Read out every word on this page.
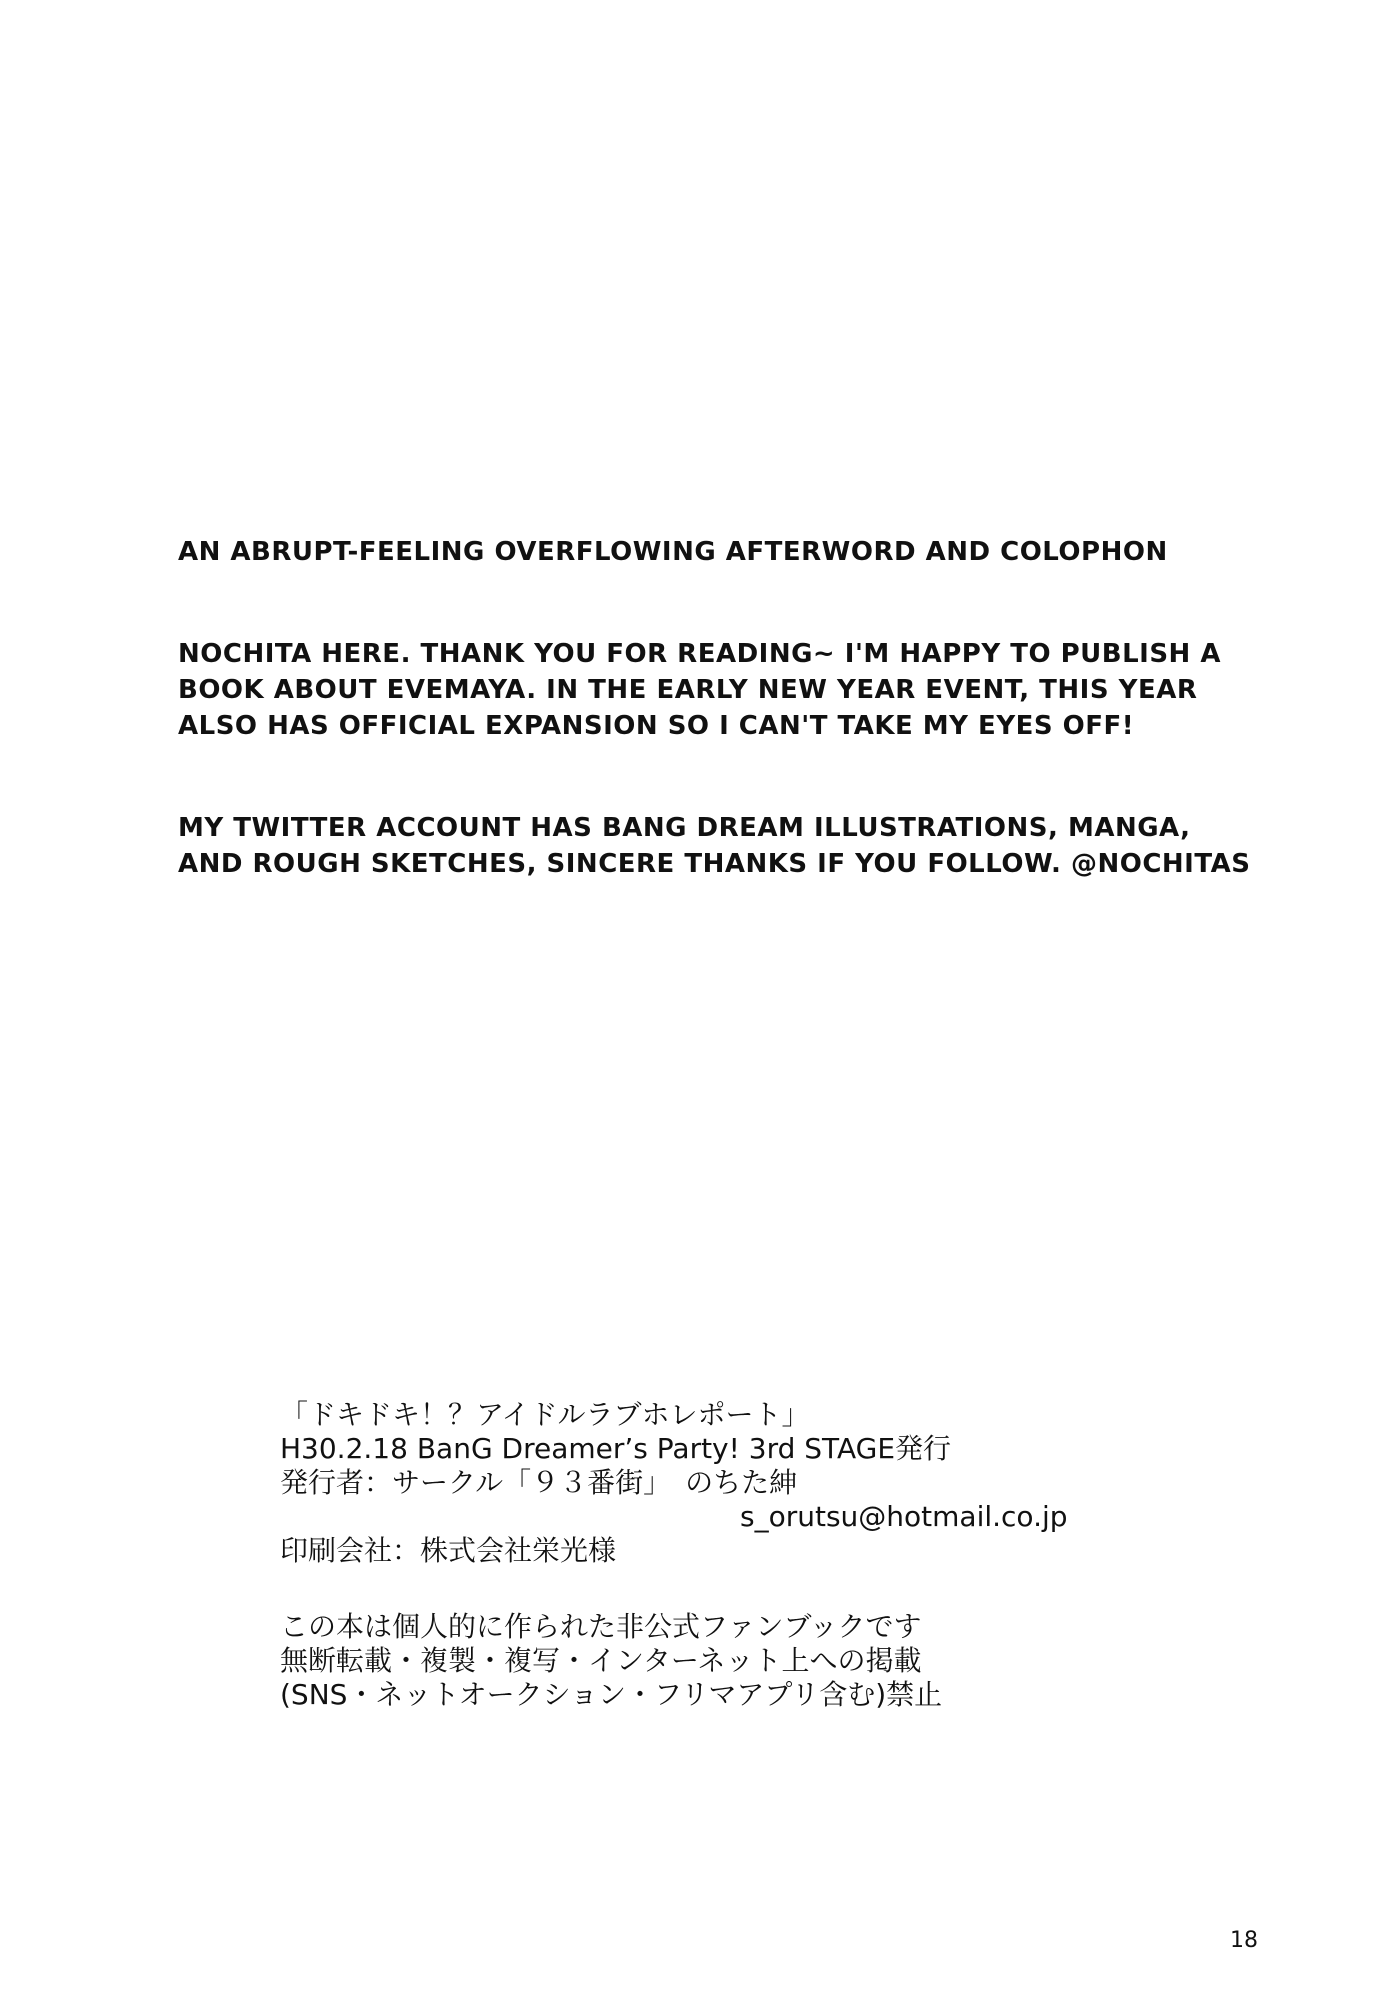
AN ABRUPT-FEELING OVERFLOWING AFTERWORD AND COLOPHON
NOCHITA HERE. THANK YOU FOR READING~ I'M HAPPY TO PUBLISH A
BOOK ABOUT EVEMAYA. IN THE EARLY NEW YEAR EVENT, THIS YEAR
ALSO HAS OFFICIAL EXPANSION SO I CAN'T TAKE MY EYES OFF!
MY TWITTER ACCOUNT HAS BANG DREAM ILLUSTRATIONS, MANGA,
AND ROUGH SKETCHES, SINCERE THANKS IF YOU FOLLOW. @NOCHITAS
「ドキドキ！？アイドルラブホレポート」
H30.2.18 BanG Dreamer’s Party! 3rd STAGE発行
発行者：サークル「９３番街」　のちた紳
s_orutsu@hotmail.co.jp
印刷会社：株式会社栄光様
この本は個人的に作られた非公式ファンブックです
無断転載・複製・複写・インターネット上への掲載
(SNS・ネットオークション・フリマアプリ含む)禁止
18
